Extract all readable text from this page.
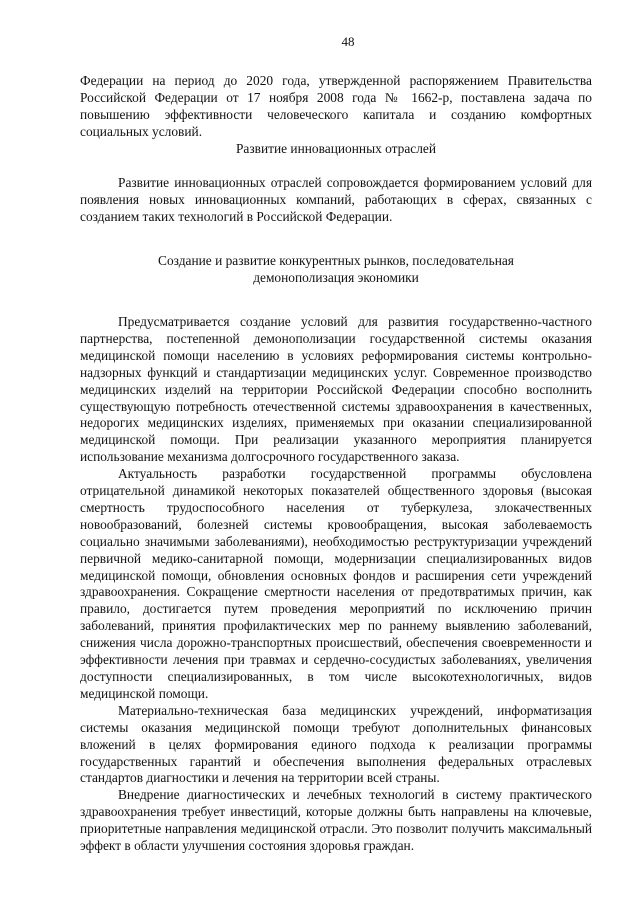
48

Федерации на период до 2020 года, утвержденной распоряжением Правительства Российской Федерации от 17 ноября 2008 года № 1662-р, поставлена задача по повышению эффективности человеческого капитала и созданию комфортных социальных условий.

Развитие инновационных отраслей

Развитие инновационных отраслей сопровождается формированием условий для появления новых инновационных компаний, работающих в сферах, связанных с созданием таких технологий в Российской Федерации.

Создание и развитие конкурентных рынков, последовательная

демонополизация экономики

Предусматривается создание условий для развития государственно-частного партнерства, постепенной демонополизации государственной системы оказания медицинской помощи населению в условиях реформирования системы контрольно-надзорных функций и стандартизации медицинских услуг. Современное производство медицинских изделий на территории Российской Федерации способно восполнить существующую потребность отечественной системы здравоохранения в качественных, недорогих медицинских изделиях, применяемых при оказании специализированной медицинской помощи. При реализации указанного мероприятия планируется использование механизма долгосрочного государственного заказа.

Актуальность разработки государственной программы обусловлена отрицательной динамикой некоторых показателей общественного здоровья (высокая смертность трудоспособного населения от туберкулеза, злокачественных новообразований, болезней системы кровообращения, высокая заболеваемость социально значимыми заболеваниями), необходимостью реструктуризации учреждений первичной медико-санитарной помощи, модернизации специализированных видов медицинской помощи, обновления основных фондов и расширения сети учреждений здравоохранения. Сокращение смертности населения от предотвратимых причин, как правило, достигается путем проведения мероприятий по исключению причин заболеваний, принятия профилактических мер по раннему выявлению заболеваний, снижения числа дорожно-транспортных происшествий, обеспечения своевременности и эффективности лечения при травмах и сердечно-сосудистых заболеваниях, увеличения доступности специализированных, в том числе высокотехнологичных, видов медицинской помощи.

Материально-техническая база медицинских учреждений, информатизация системы оказания медицинской помощи требуют дополнительных финансовых вложений в целях формирования единого подхода к реализации программы государственных гарантий и обеспечения выполнения федеральных отраслевых стандартов диагностики и лечения на территории всей страны.

Внедрение диагностических и лечебных технологий в систему практического здравоохранения требует инвестиций, которые должны быть направлены на ключевые, приоритетные направления медицинской отрасли. Это позволит получить максимальный эффект в области улучшения состояния здоровья граждан.
